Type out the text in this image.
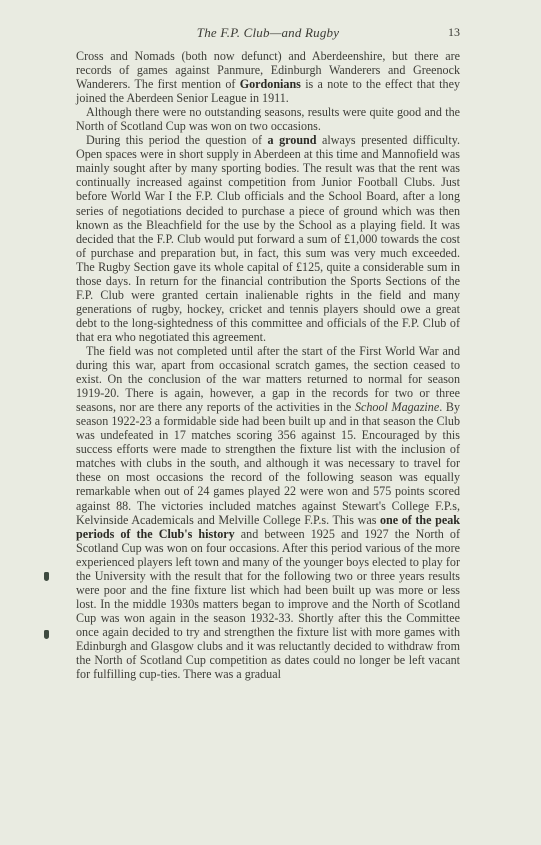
The F.P. Club—and Rugby	13

Cross and Nomads (both now defunct) and Aberdeenshire, but there are records of games against Panmure, Edinburgh Wanderers and Greenock Wanderers. The first mention of Gordonians is a note to the effect that they joined the Aberdeen Senior League in 1911.

Although there were no outstanding seasons, results were quite good and the North of Scotland Cup was won on two occasions.

During this period the question of a ground always presented difficulty. Open spaces were in short supply in Aberdeen at this time and Mannofield was mainly sought after by many sporting bodies. The result was that the rent was continually increased against competition from Junior Football Clubs. Just before World War I the F.P. Club officials and the School Board, after a long series of negotiations decided to purchase a piece of ground which was then known as the Bleachfield for the use by the School as a playing field. It was decided that the F.P. Club would put forward a sum of £1,000 towards the cost of purchase and preparation but, in fact, this sum was very much exceeded. The Rugby Section gave its whole capital of £125, quite a considerable sum in those days. In return for the financial contribution the Sports Sections of the F.P. Club were granted certain inalienable rights in the field and many generations of rugby, hockey, cricket and tennis players should owe a great debt to the long-sightedness of this committee and officials of the F.P. Club of that era who negotiated this agreement.

The field was not completed until after the start of the First World War and during this war, apart from occasional scratch games, the section ceased to exist. On the conclusion of the war matters returned to normal for season 1919-20. There is again, however, a gap in the records for two or three seasons, nor are there any reports of the activities in the School Magazine. By season 1922-23 a formidable side had been built up and in that season the Club was undefeated in 17 matches scoring 356 against 15. Encouraged by this success efforts were made to strengthen the fixture list with the inclusion of matches with clubs in the south, and although it was necessary to travel for these on most occasions the record of the following season was equally remarkable when out of 24 games played 22 were won and 575 points scored against 88. The victories included matches against Stewart's College F.P.s, Kelvinside Academicals and Melville College F.P.s. This was one of the peak periods of the Club's history and between 1925 and 1927 the North of Scotland Cup was won on four occasions. After this period various of the more experienced players left town and many of the younger boys elected to play for the University with the result that for the following two or three years results were poor and the fine fixture list which had been built up was more or less lost. In the middle 1930s matters began to improve and the North of Scotland Cup was won again in the season 1932-33. Shortly after this the Committee once again decided to try and strengthen the fixture list with more games with Edinburgh and Glasgow clubs and it was reluctantly decided to withdraw from the North of Scotland Cup competition as dates could no longer be left vacant for fulfilling cup-ties. There was a gradual
